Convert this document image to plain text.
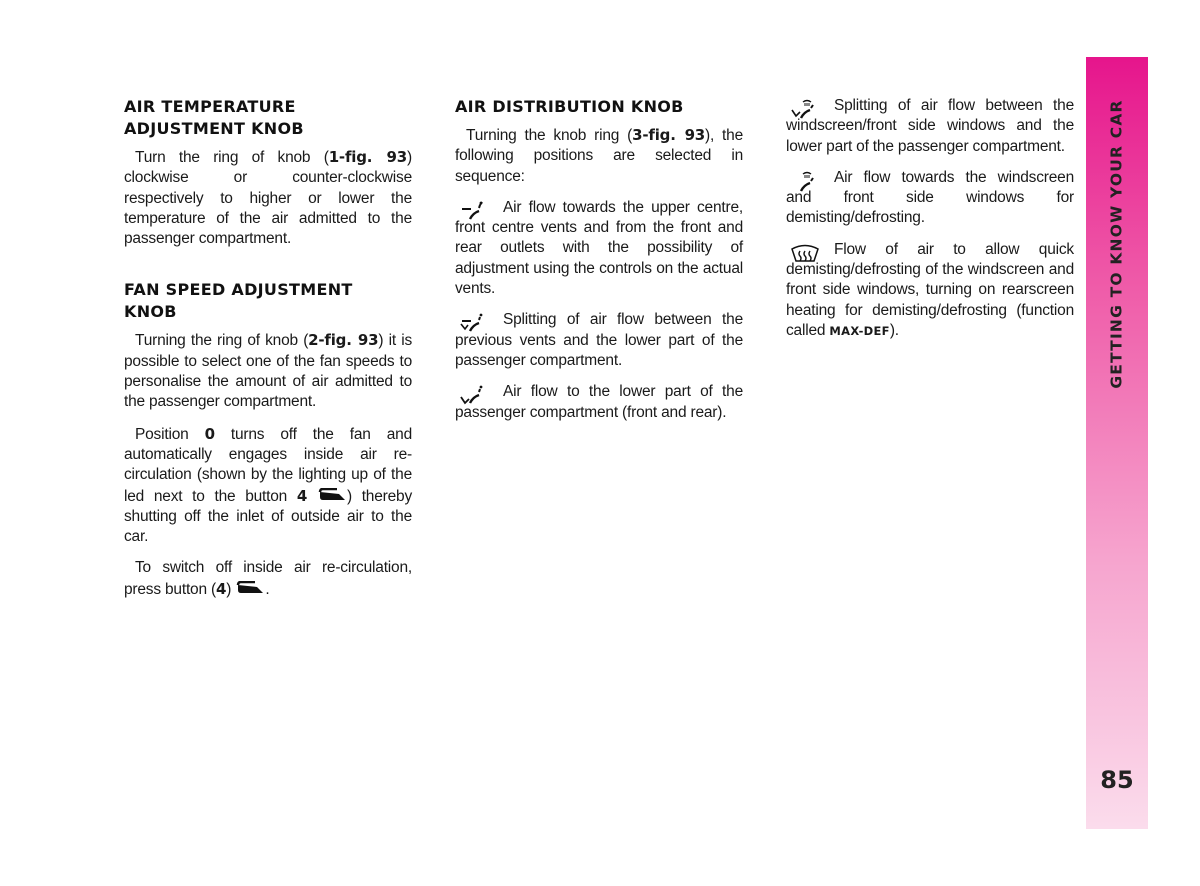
GETTING TO KNOW YOUR CAR
85
AIR TEMPERATURE
ADJUSTMENT KNOB

Turn the ring of knob (1-fig. 93) clockwise or counter-clockwise respectively to higher or lower the temperature of the air admitted to the passenger compartment.

FAN SPEED ADJUSTMENT
KNOB

Turning the ring of knob (2-fig. 93) it is possible to select one of the fan speeds to personalise the amount of air admitted to the passenger compartment.

Position 0 turns off the fan and automatically engages inside air re-circulation (shown by the lighting up of the led next to the button 4	) thereby shutting off the inlet of outside air to the car.

To switch off inside air re-circulation, press button (4) .

AIR DISTRIBUTION KNOB

Turning the knob ring (3-fig. 93), the following positions are selected in sequence:

Air flow towards the upper centre, front centre vents and from the front and rear outlets with the possibility of adjustment using the controls on the actual vents.

Splitting of air flow between the previous vents and the lower part of the passenger compartment.

Air flow to the lower part of the passenger compartment (front and rear).

Splitting of air flow between the windscreen/front side windows and the lower part of the passenger compartment.

Air flow towards the windscreen and front side windows for demisting/defrosting.

Flow of air to allow quick demisting/defrosting of the windscreen and front side windows, turning on rearscreen heating for demisting/defrosting (function called MAX-DEF).
